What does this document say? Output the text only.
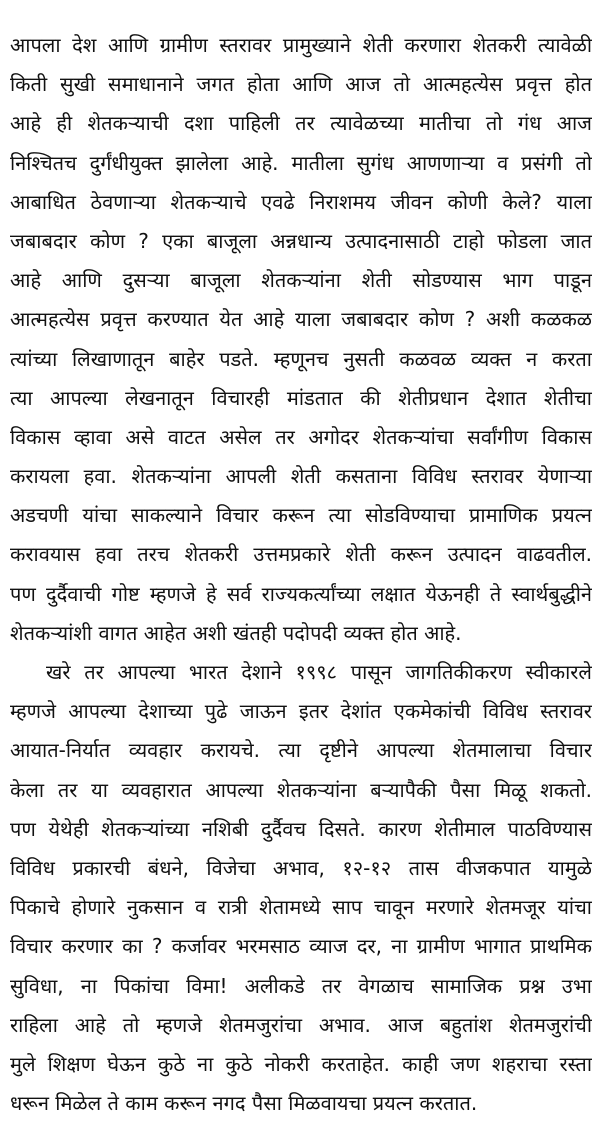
आपला देश आणि ग्रामीण स्तरावर प्रामुख्याने शेती करणारा शेतकरी त्यावेळी
किती सुखी समाधानाने जगत होता आणि आज तो आत्महत्येस प्रवृत्त होत
आहे ही शेतकऱ्याची दशा पाहिली तर त्यावेळच्या मातीचा तो गंध आज
निश्चितच दुर्गंधीयुक्त झालेला आहे. मातीला सुगंध आणणाऱ्या व प्रसंगी तो
आबाधित ठेवणाऱ्या शेतकऱ्याचे एवढे निराशमय जीवन कोणी केले? याला
जबाबदार कोण ? एका बाजूला अन्नधान्य उत्पादनासाठी टाहो फोडला जात
आहे आणि दुसऱ्या बाजूला शेतकऱ्यांना शेती सोडण्यास भाग पाडून
आत्महत्येस प्रवृत्त करण्यात येत आहे याला जबाबदार कोण ? अशी कळकळ
त्यांच्या लिखाणातून बाहेर पडते. म्हणूनच नुसती कळवळ व्यक्त न करता
त्या आपल्या लेखनातून विचारही मांडतात की शेतीप्रधान देशात शेतीचा
विकास व्हावा असे वाटत असेल तर अगोदर शेतकऱ्यांचा सर्वांगीण विकास
करायला हवा. शेतकऱ्यांना आपली शेती कसताना विविध स्तरावर येणाऱ्या
अडचणी यांचा साकल्याने विचार करून त्या सोडविण्याचा प्रामाणिक प्रयत्न
करावयास हवा तरच शेतकरी उत्तमप्रकारे शेती करून उत्पादन वाढवतील.
पण दुर्दैवाची गोष्ट म्हणजे हे सर्व राज्यकर्त्यांच्या लक्षात येऊनही ते स्वार्थबुद्धीने
शेतकऱ्यांशी वागत आहेत अशी खंतही पदोपदी व्यक्त होत आहे.
खरे तर आपल्या भारत देशाने १९९८ पासून जागतिकीकरण स्वीकारले
म्हणजे आपल्या देशाच्या पुढे जाऊन इतर देशांत एकमेकांची विविध स्तरावर
आयात-निर्यात व्यवहार करायचे. त्या दृष्टीने आपल्या शेतमालाचा विचार
केला तर या व्यवहारात आपल्या शेतकऱ्यांना बऱ्यापैकी पैसा मिळू शकतो.
पण येथेही शेतकऱ्यांच्या नशिबी दुर्दैवच दिसते. कारण शेतीमाल पाठविण्यास
विविध प्रकारची बंधने, विजेचा अभाव, १२-१२ तास वीजकपात यामुळे
पिकाचे होणारे नुकसान व रात्री शेतामध्ये साप चावून मरणारे शेतमजूर यांचा
विचार करणार का ? कर्जावर भरमसाठ व्याज दर, ना ग्रामीण भागात प्राथमिक
सुविधा, ना पिकांचा विमा! अलीकडे तर वेगळाच सामाजिक प्रश्न उभा
राहिला आहे तो म्हणजे शेतमजुरांचा अभाव. आज बहुतांश शेतमजुरांची
मुले शिक्षण घेऊन कुठे ना कुठे नोकरी करताहेत. काही जण शहराचा रस्ता
धरून मिळेल ते काम करून नगद पैसा मिळवायचा प्रयत्न करतात.
